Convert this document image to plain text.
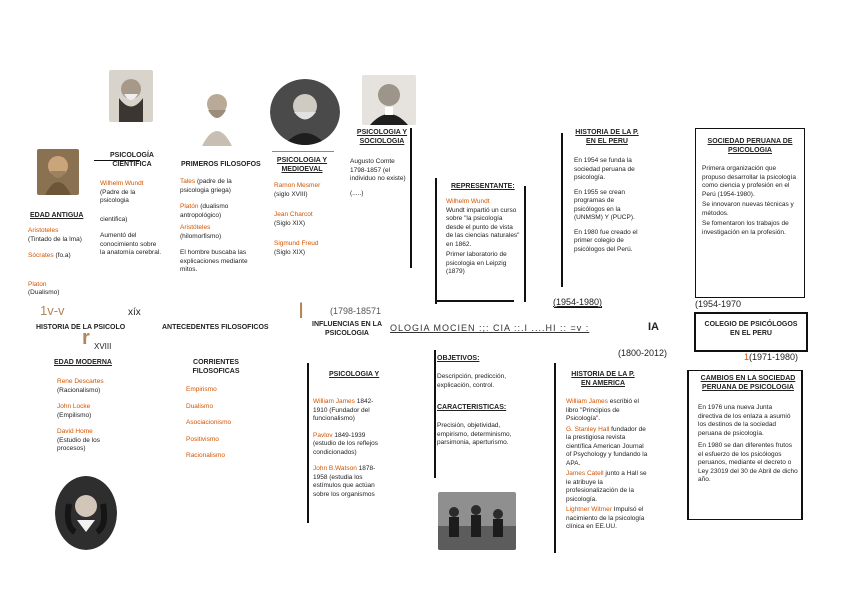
EDAD ANTIGUA
Aristoteles
(Tintado de la lma)
Sócrates (fo.a)
Platon
(Dualismo)
1v-v	xíx
r XVIII
HISTORIA DE LA PSICOLO
EDAD MODERNA
Rene Descartes
(Racionalismo)
John Locke
(Empilismo)
David Home
(Estudio de los procesos)
PSICOLOGÍA CIENTIFICA
Wilhelm Wundt
(Padre de la psicologia
cientifica)
Aumentó del conocimiento sobre la anatomía cerebral.
PRIMEROS FILOSOFOS
Tales (padre de la psicologia griega)
Platón (dualismo antropológico)
Aristóteles
(hilomorfismo)
El hombre buscaba las explicaciones mediante mitos.
ANTECEDENTES FILOSOFICOS
CORRIENTES FILOSOFICAS
Empirismo
Dualismo
Asociacionismo
Positivismo
Racionalismo
PSICOLOGIA Y MEDIOEVAL
Ramon Mesmer
(siglo XVIII)
Jean Charcot
(Siglo XIX)
Sigmund Freud
(Siglo XIX)
PSICOLOGIA Y SOCIOLOGIA
Augusto Comte 1798-1857 (el individuo no existe)
(.....)
REPRESENTANTE:
Wilhelm Wundt
Wundt impartió un curso sobre "la psicología desde el punto de vista de las ciencias naturales" en 1862.
Primer laboratorio de psicologia en Leipzig (1879)
I	(1798-18571
INFLUENCIAS EN LA PSICOLOGIA
OLOGIA MOCIEN :;: CIA ::.I ....HI :: =v :	IA
(1800-2012)
PSICOLOGIA Y
William James 1842-1910 (Fundador del funcionalismo)
Pavlov 1849-1939 (estudio de los reflejos condicionados)
John B.Watson 1878-1958 (estudia los estímulos que actúan sobre los organismos
OBJETIVOS:
Descripción, predicción, explicación, control.
CARACTERISTICAS:
Precisión, objetividad, empirismo, determinismo, parsimonia, aperturismo.
HISTORIA DE LA P. EN EL PERU
En 1954 se funda la sociedad peruana de psicología.
En 1955 se crean programas de psicólogos en la (UNMSM) Y (PUCP).
En 1980 fue creado el primer colegio de psicólogos del Perú.
(1954-1980)
HISTORIA DE LA P. EN AMERICA
William James escribió el libro "Principios de Psicología".
G. Stanley Hall fundador de la prestigiosa revista científica American Journal of Psychology y fundando la APA.
James Catell junto a Hall se le atribuye la profesionalización de la psicología.
Lightner Witmer Impulsó el nacimiento de la psicología clínica en EE.UU.
SOCIEDAD PERUANA DE PSICOLOGIA
Primera organización que propuso desarrollar la psicología como ciencia y profesión en el Perú (1954-1980).
Se innovaron nuevas técnicas y métodos.
Se fomentaron los trabajos de investigación en la profesión.
(1954-1970
COLEGIO DE PSICÓLOGOS EN EL PERU
1(1971-1980)
CAMBIOS EN LA SOCIEDAD PERUANA DE PSICOLOGIA
En 1976 una nueva Junta directiva de los enlaza a asumió los destinos de la sociedad peruana de psicología.
En 1980 se dan diferentes frutos el esfuerzo de los psicólogos peruanos, mediante el decreto o Ley 23019 del 30 de Abril de dicho año.
